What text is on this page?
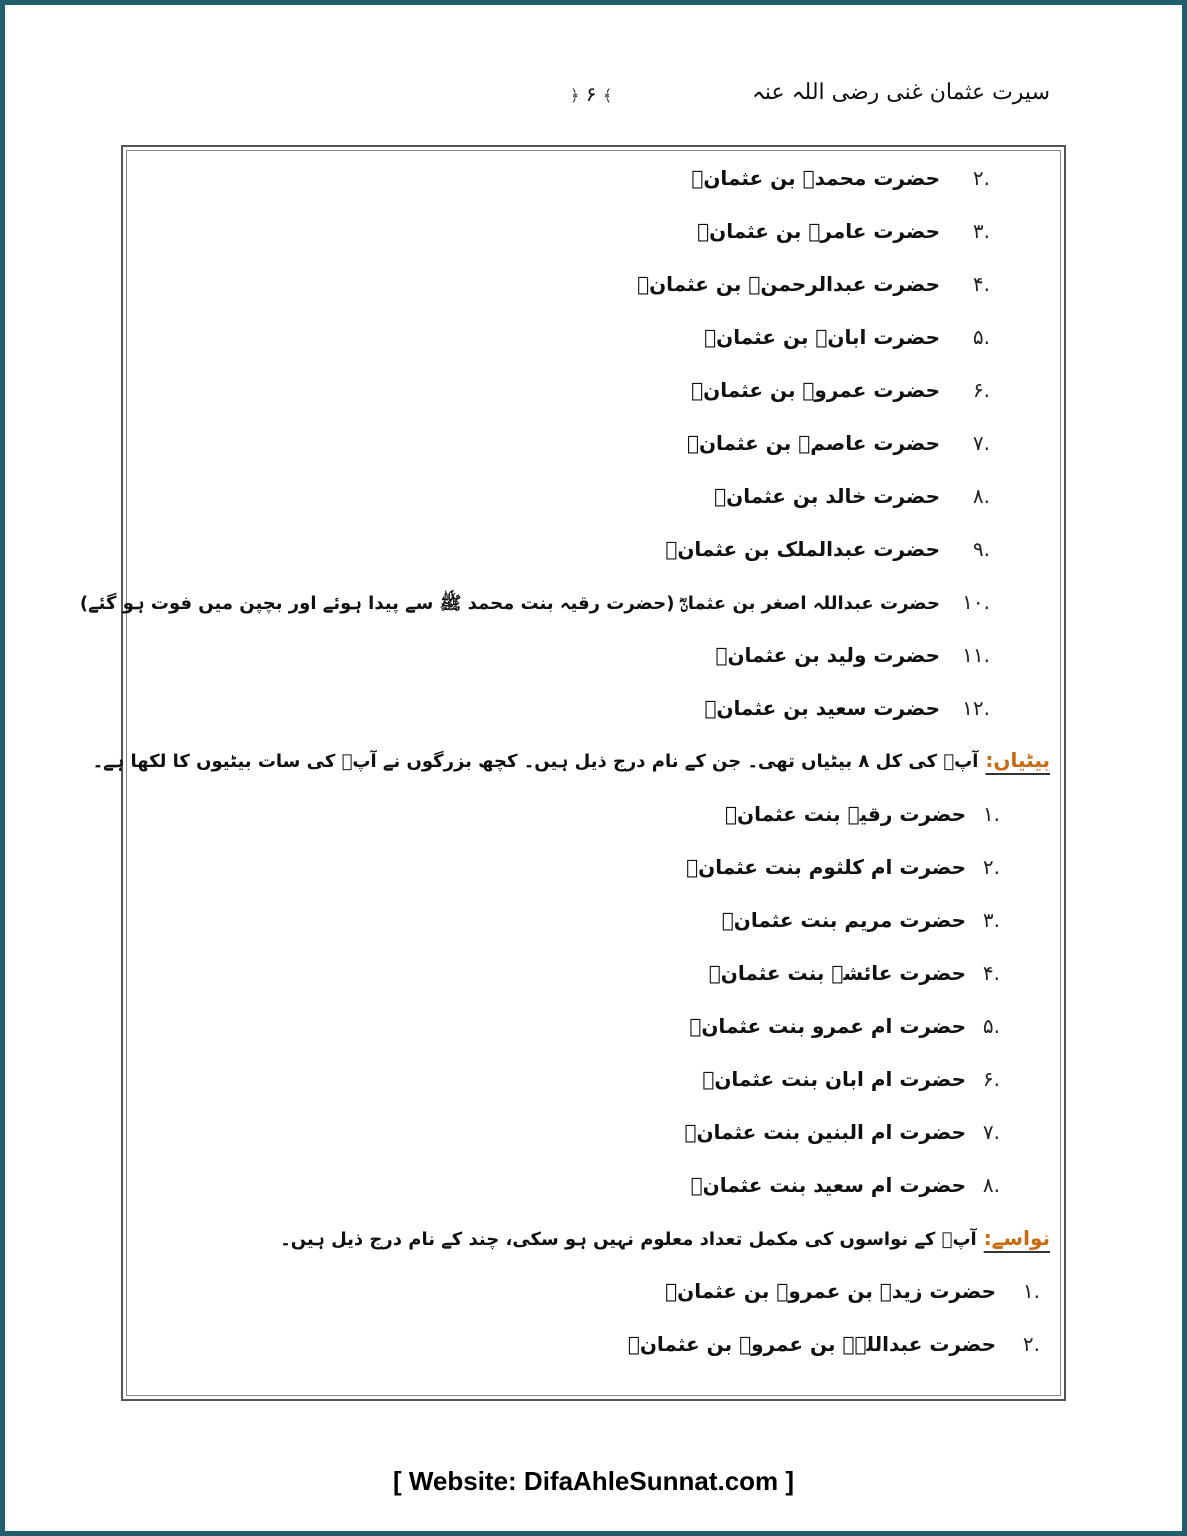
سیرت عثمان غنی رضی اللہ عنہ
﴿ ۶ ﴾
.۲حضرت محمدؓ بن عثمانؓ
.۳حضرت عامرؓ بن عثمانؓ
.۴حضرت عبدالرحمنؓ بن عثمانؓ
.۵حضرت ابانؓ بن عثمانؓ
.۶حضرت عمروؓ بن عثمانؓ
.۷حضرت عاصمؓ بن عثمانؓ
.۸حضرت خالد بن عثمانؓ
.۹حضرت عبدالملک بن عثمانؓ
.۱۰حضرت عبداللہ اصغر بن عثمانؓ (حضرت رقیہ بنت محمد ﷺ سے پیدا ہوئے اور بچپن میں فوت ہو گئے)
.۱۱حضرت ولید بن عثمانؓ
.۱۲حضرت سعید بن عثمانؓ
بیٹیاں: آپؓ کی کل ۸ بیٹیاں تھی۔ جن کے نام درج ذیل ہیں۔ کچھ بزرگوں نے آپؓ کی سات بیٹیوں کا لکھا ہے۔
.۱حضرت رقیہ بنت عثمانؓ
.۲حضرت ام کلثوم بنت عثمانؓ
.۳حضرت مریم بنت عثمانؓ
.۴حضرت عائشہ بنت عثمانؓ
.۵حضرت ام عمرو بنت عثمانؓ
.۶حضرت ام ابان بنت عثمانؓ
.۷حضرت ام البنین بنت عثمانؓ
.۸حضرت ام سعید بنت عثمانؓ
نواسے: آپؓ کے نواسوں کی مکمل تعداد معلوم نہیں ہو سکی، چند کے نام درج ذیل ہیں۔
.۱حضرت زیدؓ بن عمروؓ بن عثمانؓ
.۲حضرت عبداللہؓ بن عمروؓ بن عثمانؓ
[ Website: DifaAhleSunnat.com ]
